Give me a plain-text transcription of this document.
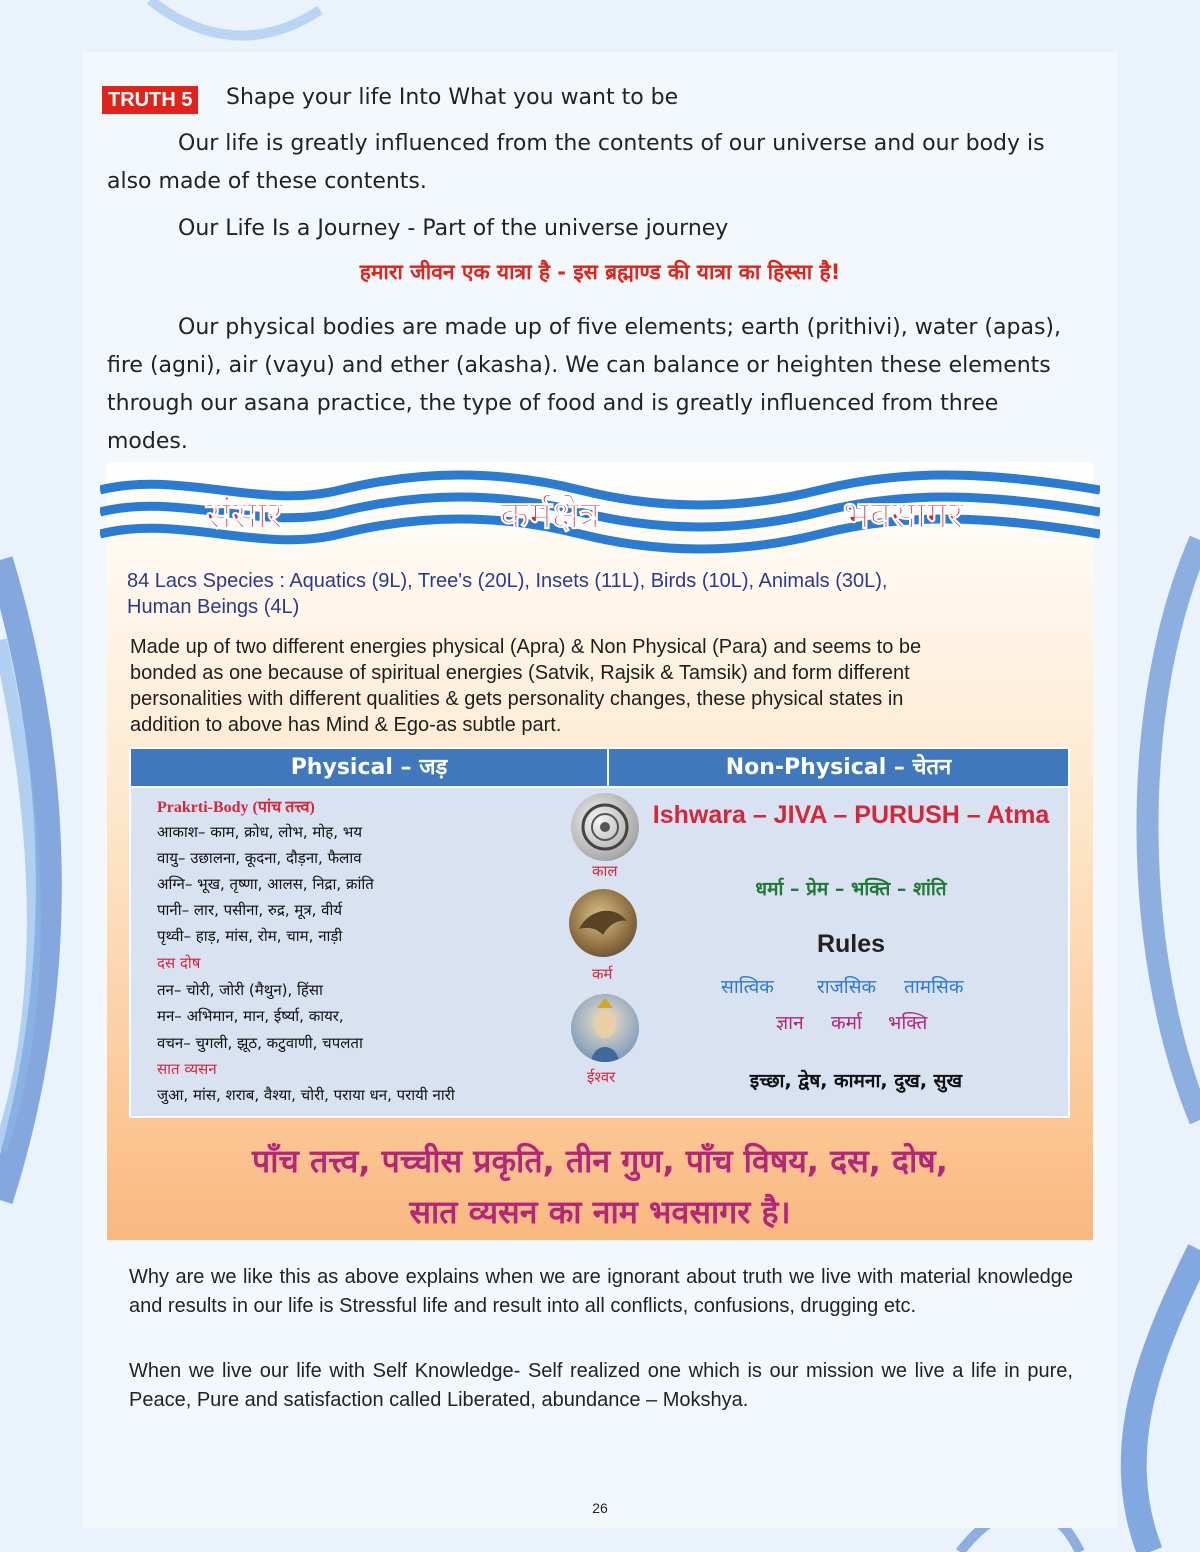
TRUTH 5 Shape your life Into What you want to be
Our life is greatly influenced from the contents of our universe and our body is
also made of these contents.
Our Life Is a Journey - Part of the universe journey
हमारा जीवन एक यात्रा है - इस ब्रह्माण्ड की यात्रा का हिस्सा है!
Our physical bodies are made up of five elements; earth (prithivi), water (apas),
fire (agni), air (vayu) and ether (akasha). We can balance or heighten these elements
through our asana practice, the type of food and is greatly influenced from three
modes.
संसार	कर्मक्षेत्र	भवसागर
84 Lacs Species : Aquatics (9L), Tree's (20L), Insets (11L), Birds (10L), Animals (30L),
Human Beings (4L)
Made up of two different energies physical (Apra) & Non Physical (Para) and seems to be
bonded as one because of spiritual energies (Satvik, Rajsik & Tamsik) and form different
personalities with different qualities & gets personality changes, these physical states in
addition to above has Mind & Ego-as subtle part.
Physical – जड़	Non-Physical – चेतन
Prakrti-Body (पांच तत्त्व)
आकाश– काम, क्रोध, लोभ, मोह, भय
वायु– उछालना, कूदना, दौड़ना, फैलाव
अग्नि– भूख, तृष्णा, आलस, निद्रा, क्रांति
पानी– लार, पसीना, रुद्र, मूत्र, वीर्य
पृथ्वी– हाड़, मांस, रोम, चाम, नाड़ी
दस दोष
तन– चोरी, जोरी (मैथुन), हिंसा
मन– अभिमान, मान, ईर्ष्या, कायर,
वचन– चुगली, झूठ, कटुवाणी, चपलता
सात व्यसन
जुआ, मांस, शराब, वैश्या, चोरी, पराया धन, परायी नारी
काल
कर्म
ईश्वर
Ishwara – JIVA – PURUSH – Atma
धर्मा – प्रेम – भक्ति – शांति
Rules
सात्विक राजसिक तामसिक
ज्ञान कर्मा भक्ति
इच्छा, द्वेष, कामना, दुख, सुख
पाँच तत्त्व, पच्चीस प्रकृति, तीन गुण, पाँच विषय, दस, दोष,
सात व्यसन का नाम भवसागर है।
Why are we like this as above explains when we are ignorant about truth we live with material knowledge and results in our life is Stressful life and result into all conflicts, confusions, drugging etc.
When we live our life with Self Knowledge- Self realized one which is our mission we live a life in pure, Peace, Pure and satisfaction called Liberated, abundance – Mokshya.
26
